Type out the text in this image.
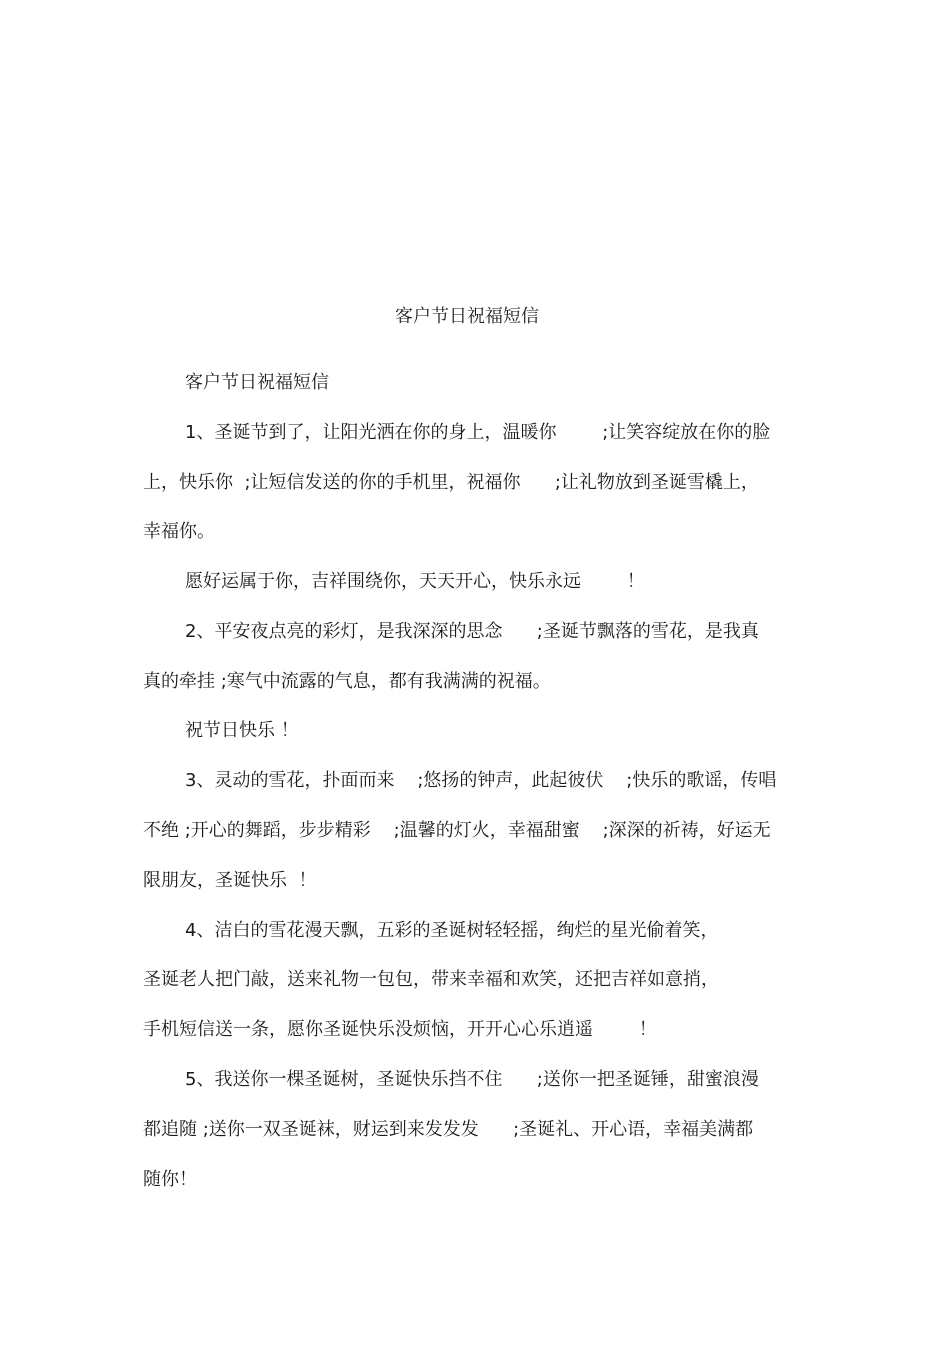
客户节日祝福短信
客户节日祝福短信
1、圣诞节到了，让阳光洒在你的身上，温暖你        ;让笑容绽放在你的脸
上，快乐你  ;让短信发送的你的手机里，祝福你      ;让礼物放到圣诞雪橇上，
幸福你。
愿好运属于你，吉祥围绕你，天天开心，快乐永远        ！
2、平安夜点亮的彩灯，是我深深的思念      ;圣诞节飘落的雪花，是我真
真的牵挂 ;寒气中流露的气息，都有我满满的祝福。
祝节日快乐 ！
3、灵动的雪花，扑面而来    ;悠扬的钟声，此起彼伏    ;快乐的歌谣，传唱
不绝 ;开心的舞蹈，步步精彩    ;温馨的灯火，幸福甜蜜    ;深深的祈祷，好运无
限朋友，圣诞快乐  ！
4、洁白的雪花漫天飘，五彩的圣诞树轻轻摇，绚烂的星光偷着笑，
圣诞老人把门敲，送来礼物一包包，带来幸福和欢笑，还把吉祥如意捎，
手机短信送一条，愿你圣诞快乐没烦恼，开开心心乐逍遥        ！
5、我送你一棵圣诞树，圣诞快乐挡不住      ;送你一把圣诞锤，甜蜜浪漫
都追随 ;送你一双圣诞袜，财运到来发发发      ;圣诞礼、开心语，幸福美满都
随你！
